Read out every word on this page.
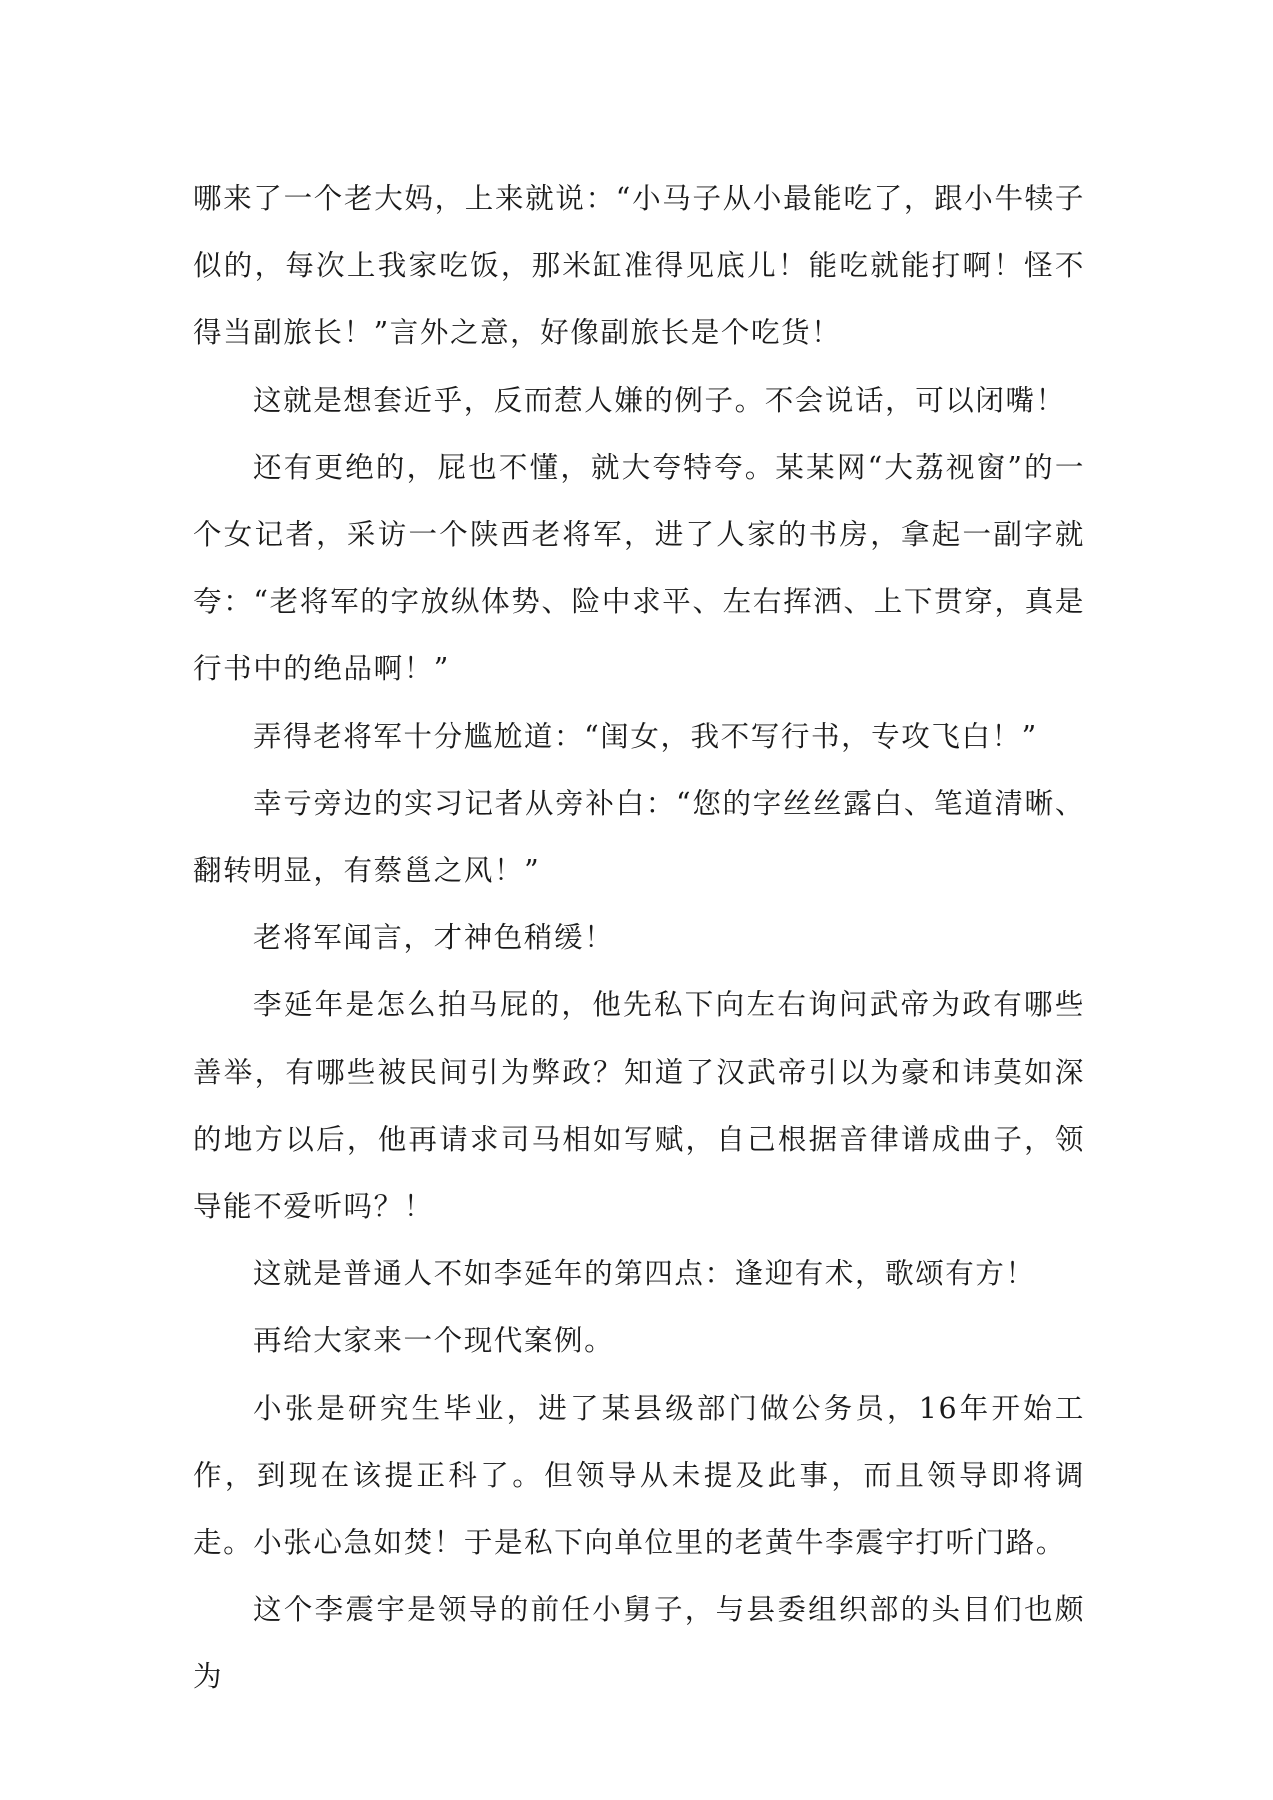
哪来了一个老大妈，上来就说：“小马子从小最能吃了，跟小牛犊子似的，每次上我家吃饭，那米缸准得见底儿！能吃就能打啊！怪不得当副旅长！”言外之意，好像副旅长是个吃货！

这就是想套近乎，反而惹人嫌的例子。不会说话，可以闭嘴！

还有更绝的，屁也不懂，就大夸特夸。某某网“大荔视窗”的一个女记者，采访一个陕西老将军，进了人家的书房，拿起一副字就夸：“老将军的字放纵体势、险中求平、左右挥洒、上下贯穿，真是行书中的绝品啊！”

弄得老将军十分尴尬道：“闺女，我不写行书，专攻飞白！”

幸亏旁边的实习记者从旁补白：“您的字丝丝露白、笔道清晰、翻转明显，有蔡邕之风！”

老将军闻言，才神色稍缓！

李延年是怎么拍马屁的，他先私下向左右询问武帝为政有哪些善举，有哪些被民间引为弊政？知道了汉武帝引以为豪和讳莫如深的地方以后，他再请求司马相如写赋，自己根据音律谱成曲子，领导能不爱听吗？！

这就是普通人不如李延年的第四点：逢迎有术，歌颂有方！

再给大家来一个现代案例。

小张是研究生毕业，进了某县级部门做公务员，16年开始工作，到现在该提正科了。但领导从未提及此事，而且领导即将调走。小张心急如焚！于是私下向单位里的老黄牛李震宇打听门路。

这个李震宇是领导的前任小舅子，与县委组织部的头目们也颇为
